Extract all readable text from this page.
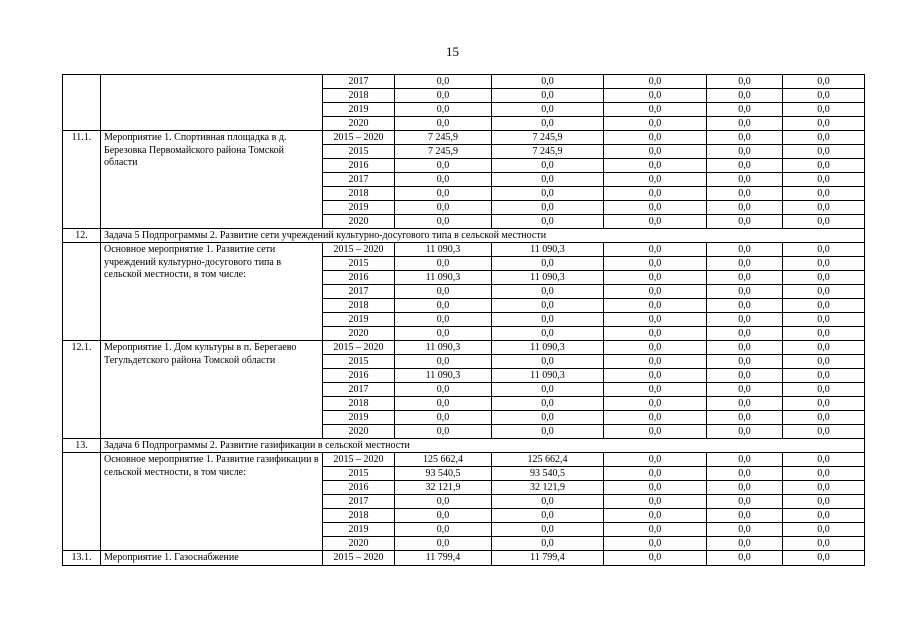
15
		2017	0,0	0,0	0,0	0,0	0,0
		2018	0,0	0,0	0,0	0,0	0,0
		2019	0,0	0,0	0,0	0,0	0,0
		2020	0,0	0,0	0,0	0,0	0,0
11.1.	Мероприятие 1. Спортивная площадка в д. Березовка Первомайского района Томской области	2015 – 2020	7 245,9	7 245,9	0,0	0,0	0,0
		2015	7 245,9	7 245,9	0,0	0,0	0,0
		2016	0,0	0,0	0,0	0,0	0,0
		2017	0,0	0,0	0,0	0,0	0,0
		2018	0,0	0,0	0,0	0,0	0,0
		2019	0,0	0,0	0,0	0,0	0,0
		2020	0,0	0,0	0,0	0,0	0,0
12.	Задача 5 Подпрограммы 2. Развитие сети учреждений культурно-досугового типа в сельской местности						
	Основное мероприятие 1. Развитие сети учреждений культурно-досугового типа в сельской местности, в том числе:	2015 – 2020	11 090,3	11 090,3	0,0	0,0	0,0
		2015	0,0	0,0	0,0	0,0	0,0
		2016	11 090,3	11 090,3	0,0	0,0	0,0
		2017	0,0	0,0	0,0	0,0	0,0
		2018	0,0	0,0	0,0	0,0	0,0
		2019	0,0	0,0	0,0	0,0	0,0
		2020	0,0	0,0	0,0	0,0	0,0
12.1.	Мероприятие 1. Дом культуры в п. Берегаево Тегульдетского района Томской области	2015 – 2020	11 090,3	11 090,3	0,0	0,0	0,0
		2015	0,0	0,0	0,0	0,0	0,0
		2016	11 090,3	11 090,3	0,0	0,0	0,0
		2017	0,0	0,0	0,0	0,0	0,0
		2018	0,0	0,0	0,0	0,0	0,0
		2019	0,0	0,0	0,0	0,0	0,0
		2020	0,0	0,0	0,0	0,0	0,0
13.	Задача 6 Подпрограммы 2. Развитие газификации в сельской местности						
	Основное мероприятие 1. Развитие газификации в сельской местности, в том числе:	2015 – 2020	125 662,4	125 662,4	0,0	0,0	0,0
		2015	93 540,5	93 540,5	0,0	0,0	0,0
		2016	32 121,9	32 121,9	0,0	0,0	0,0
		2017	0,0	0,0	0,0	0,0	0,0
		2018	0,0	0,0	0,0	0,0	0,0
		2019	0,0	0,0	0,0	0,0	0,0
		2020	0,0	0,0	0,0	0,0	0,0
13.1.	Мероприятие 1. Газоснабжение	2015 – 2020	11 799,4	11 799,4	0,0	0,0	0,0
